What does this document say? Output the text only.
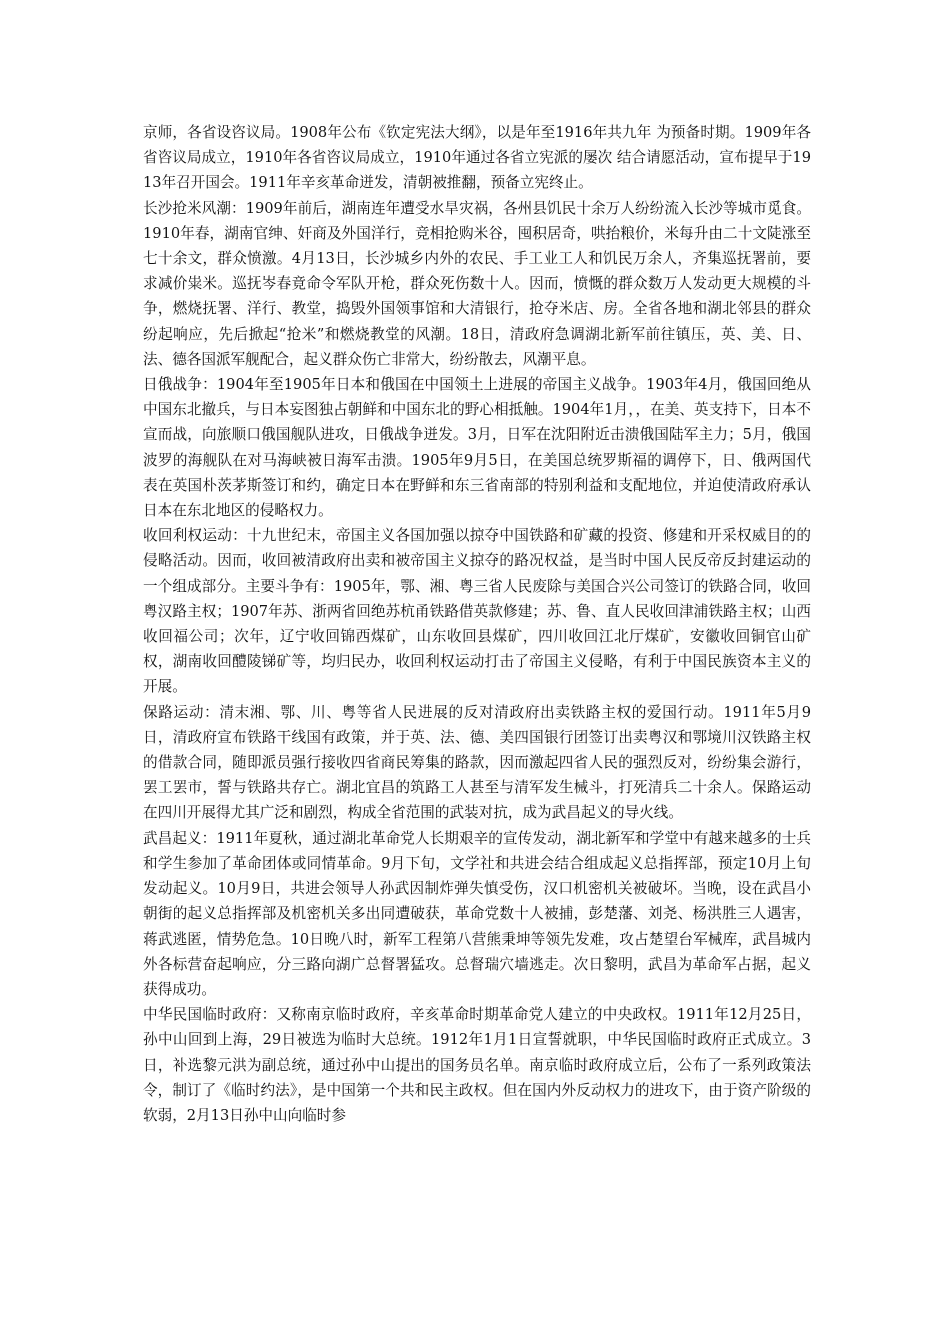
京师，各省设咨议局。1908年公布《钦定宪法大纲》，以是年至1916年共九年 为预备时期。1909年各省咨议局成立，1910年各省咨议局成立，1910年通过各省立宪派的屡次 结合请愿活动，宣布提早于1913年召开国会。1911年辛亥革命迸发，清朝被推翻，预备立宪终止。

长沙抢米风潮：1909年前后，湖南连年遭受水旱灾祸，各州县饥民十余万人纷纷流入长沙等城市觅食。1910年春，湖南官绅、奸商及外国洋行，竞相抢购米谷，囤积居奇，哄抬粮价，米每升由二十文陡涨至七十余文，群众愤激。4月13日，长沙城乡内外的农民、手工业工人和饥民万余人，齐集巡抚署前，要求减价粜米。巡抚岑春竟命令军队开枪，群众死伤数十人。因而，愤慨的群众数万人发动更大规模的斗争，燃烧抚署、洋行、教堂，捣毁外国领事馆和大清银行，抢夺米店、房。全省各地和湖北邻县的群众纷起响应，先后掀起“抢米”和燃烧教堂的风潮。18日，清政府急调湖北新军前往镇压，英、美、日、法、德各国派军舰配合，起义群众伤亡非常大，纷纷散去，风潮平息。

日俄战争：1904年至1905年日本和俄国在中国领土上进展的帝国主义战争。1903年4月，俄国回绝从中国东北撤兵，与日本妄图独占朝鲜和中国东北的野心相抵触。1904年1月，，在美、英支持下，日本不宣而战，向旅顺口俄国舰队进攻，日俄战争迸发。3月，日军在沈阳附近击溃俄国陆军主力；5月，俄国波罗的海舰队在对马海峡被日海军击溃。1905年9月5日，在美国总统罗斯福的调停下，日、俄两国代表在英国朴茨茅斯签订和约，确定日本在野鲜和东三省南部的特别利益和支配地位，并迫使清政府承认日本在东北地区的侵略权力。

收回利权运动：十九世纪末，帝国主义各国加强以掠夺中国铁路和矿藏的投资、修建和开采权威目的的侵略活动。因而，收回被清政府出卖和被帝国主义掠夺的路况权益，是当时中国人民反帝反封建运动的一个组成部分。主要斗争有：1905年，鄂、湘、粤三省人民废除与美国合兴公司签订的铁路合同，收回粤汉路主权；1907年苏、浙两省回绝苏杭甬铁路借英款修建；苏、鲁、直人民收回津浦铁路主权；山西收回福公司；次年，辽宁收回锦西煤矿，山东收回县煤矿，四川收回江北厅煤矿，安徽收回铜官山矿权，湖南收回醴陵锑矿等，均归民办，收回利权运动打击了帝国主义侵略，有利于中国民族资本主义的开展。

保路运动：清末湘、鄂、川、粤等省人民进展的反对清政府出卖铁路主权的爱国行动。1911年5月9日，清政府宣布铁路干线国有政策，并于英、法、德、美四国银行团签订出卖粤汉和鄂境川汉铁路主权的借款合同，随即派员强行接收四省商民筹集的路款，因而激起四省人民的强烈反对，纷纷集会游行，罢工罢市，誓与铁路共存亡。湖北宜昌的筑路工人甚至与清军发生械斗，打死清兵二十余人。保路运动在四川开展得尤其广泛和剧烈，构成全省范围的武装对抗，成为武昌起义的导火线。

武昌起义：1911年夏秋，通过湖北革命党人长期艰辛的宣传发动，湖北新军和学堂中有越来越多的士兵和学生参加了革命团体或同情革命。9月下旬，文学社和共进会结合组成起义总指挥部，预定10月上旬发动起义。10月9日，共进会领导人孙武因制炸弹失慎受伤，汉口机密机关被破坏。当晚，设在武昌小朝街的起义总指挥部及机密机关多出同遭破获，革命党数十人被捕，彭楚藩、刘尧、杨洪胜三人遇害，蒋武逃匿，情势危急。10日晚八时，新军工程第八营熊秉坤等领先发难，攻占楚望台军械库，武昌城内外各标营奋起响应，分三路向湖广总督署猛攻。总督瑞穴墙逃走。次日黎明，武昌为革命军占据，起义获得成功。

中华民国临时政府：又称南京临时政府，辛亥革命时期革命党人建立的中央政权。1911年12月25日，孙中山回到上海，29日被选为临时大总统。1912年1月1日宣誓就职，中华民国临时政府正式成立。3日，补选黎元洪为副总统，通过孙中山提出的国务员名单。南京临时政府成立后，公布了一系列政策法令，制订了《临时约法》，是中国第一个共和民主政权。但在国内外反动权力的进攻下，由于资产阶级的软弱，2月13日孙中山向临时参
